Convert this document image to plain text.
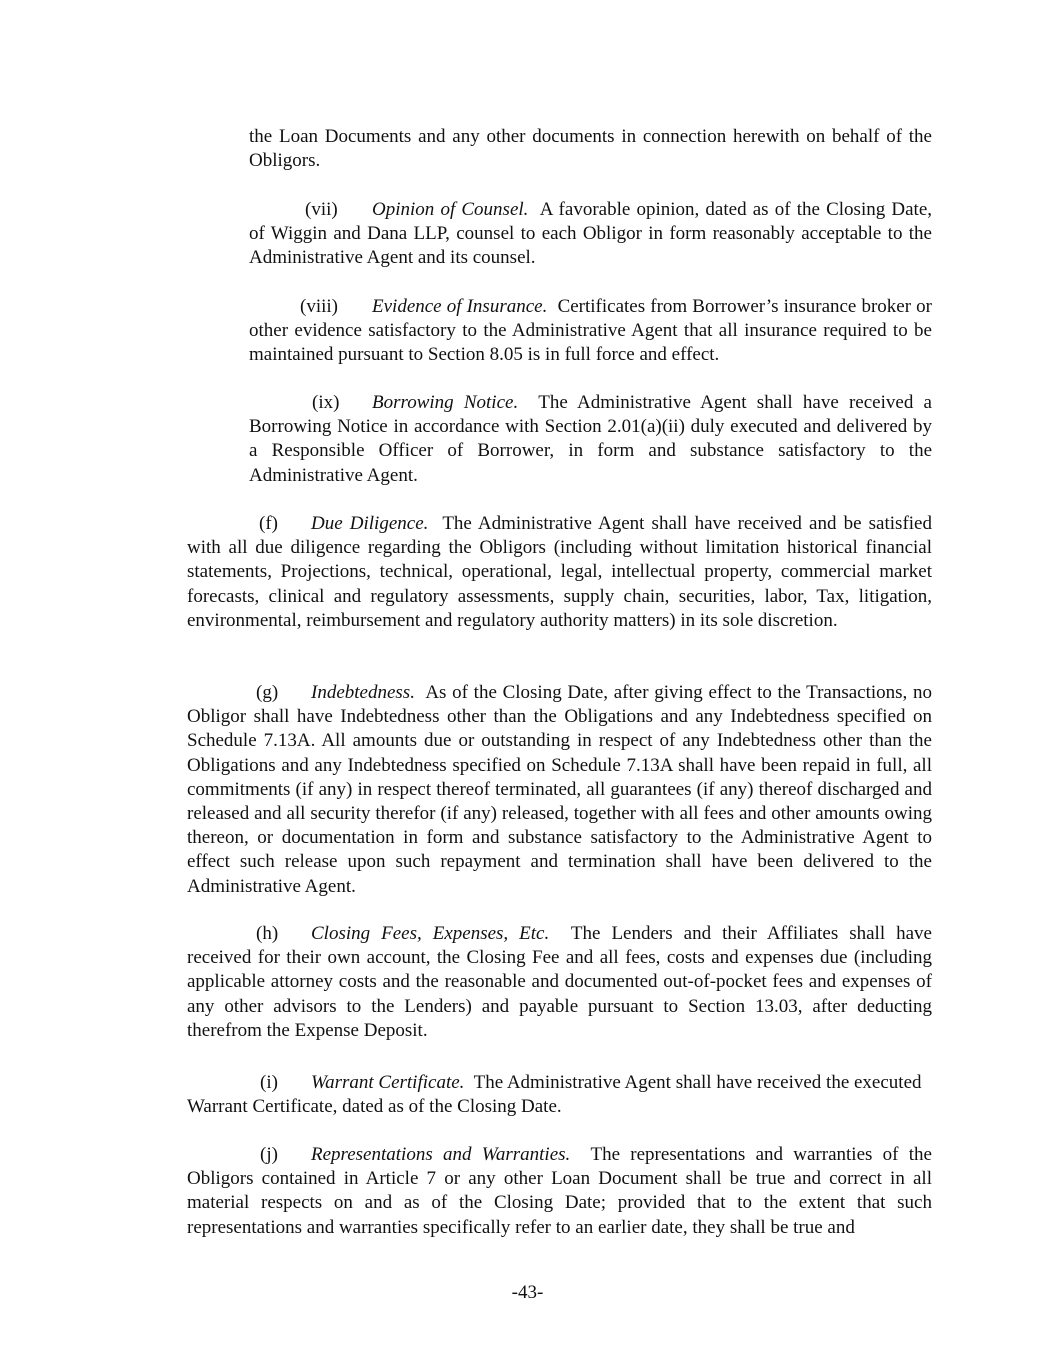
the Loan Documents and any other documents in connection herewith on behalf of the Obligors.

(vii) Opinion of Counsel. A favorable opinion, dated as of the Closing Date, of Wiggin and Dana LLP, counsel to each Obligor in form reasonably acceptable to the Administrative Agent and its counsel.

(viii) Evidence of Insurance. Certificates from Borrower’s insurance broker or other evidence satisfactory to the Administrative Agent that all insurance required to be maintained pursuant to Section 8.05 is in full force and effect.

(ix) Borrowing Notice. The Administrative Agent shall have received a Borrowing Notice in accordance with Section 2.01(a)(ii) duly executed and delivered by a Responsible Officer of Borrower, in form and substance satisfactory to the Administrative Agent.

(f) Due Diligence. The Administrative Agent shall have received and be satisfied with all due diligence regarding the Obligors (including without limitation historical financial statements, Projections, technical, operational, legal, intellectual property, commercial market forecasts, clinical and regulatory assessments, supply chain, securities, labor, Tax, litigation, environmental, reimbursement and regulatory authority matters) in its sole discretion.

(g) Indebtedness. As of the Closing Date, after giving effect to the Transactions, no Obligor shall have Indebtedness other than the Obligations and any Indebtedness specified on Schedule 7.13A. All amounts due or outstanding in respect of any Indebtedness other than the Obligations and any Indebtedness specified on Schedule 7.13A shall have been repaid in full, all commitments (if any) in respect thereof terminated, all guarantees (if any) thereof discharged and released and all security therefor (if any) released, together with all fees and other amounts owing thereon, or documentation in form and substance satisfactory to the Administrative Agent to effect such release upon such repayment and termination shall have been delivered to the Administrative Agent.

(h) Closing Fees, Expenses, Etc. The Lenders and their Affiliates shall have received for their own account, the Closing Fee and all fees, costs and expenses due (including applicable attorney costs and the reasonable and documented out-of-pocket fees and expenses of any other advisors to the Lenders) and payable pursuant to Section 13.03, after deducting therefrom the Expense Deposit.

(i) Warrant Certificate. The Administrative Agent shall have received the executed Warrant Certificate, dated as of the Closing Date.

(j) Representations and Warranties. The representations and warranties of the Obligors contained in Article 7 or any other Loan Document shall be true and correct in all material respects on and as of the Closing Date; provided that to the extent that such representations and warranties specifically refer to an earlier date, they shall be true and

-43-
